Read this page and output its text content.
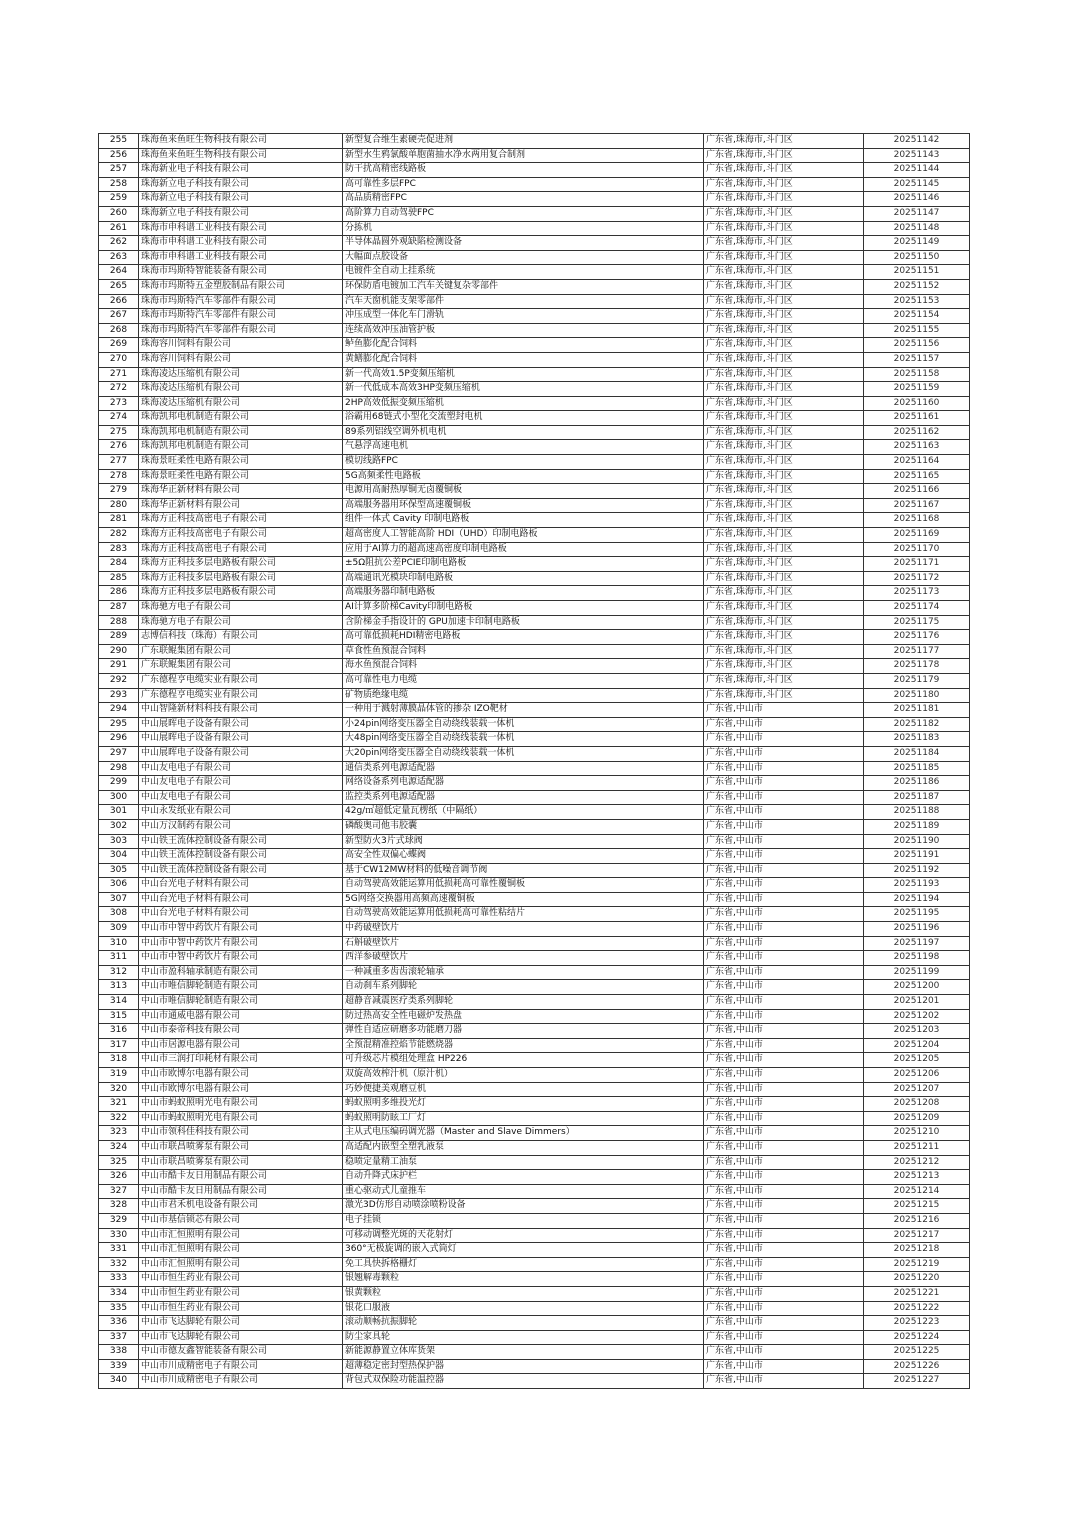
255	珠海鱼来鱼旺生物科技有限公司	新型复合维生素硬壳促进剂	广东省,珠海市,斗门区	20251142
256	珠海鱼来鱼旺生物科技有限公司	新型水生鸦氯酸单胞菌抽水净水两用复合制剂	广东省,珠海市,斗门区	20251143
257	珠海新业电子科技有限公司	防干扰高精密线路板	广东省,珠海市,斗门区	20251144
258	珠海新立电子科技有限公司	高可靠性多层FPC	广东省,珠海市,斗门区	20251145
259	珠海新立电子科技有限公司	高品质精密FPC	广东省,珠海市,斗门区	20251146
260	珠海新立电子科技有限公司	高阶算力自动驾驶FPC	广东省,珠海市,斗门区	20251147
261	珠海市申科谱工业科技有限公司	分拣机	广东省,珠海市,斗门区	20251148
262	珠海市申科谱工业科技有限公司	半导体晶圆外观缺陷检测设备	广东省,珠海市,斗门区	20251149
263	珠海市申科谱工业科技有限公司	大幅面点胶设备	广东省,珠海市,斗门区	20251150
264	珠海市玛斯特智能装备有限公司	电镀件全自动上挂系统	广东省,珠海市,斗门区	20251151
265	珠海市玛斯特五金塑胶制品有限公司	环保防盾电镀加工汽车关键复杂零部件	广东省,珠海市,斗门区	20251152
266	珠海市玛斯特汽车零部件有限公司	汽车天窗机能支架零部件	广东省,珠海市,斗门区	20251153
267	珠海市玛斯特汽车零部件有限公司	冲压成型一体化车门滑轨	广东省,珠海市,斗门区	20251154
268	珠海市玛斯特汽车零部件有限公司	连续高效冲压油管护板	广东省,珠海市,斗门区	20251155
269	珠海容川饲料有限公司	鲈鱼膨化配合饲料	广东省,珠海市,斗门区	20251156
270	珠海容川饲料有限公司	黄鳝膨化配合饲料	广东省,珠海市,斗门区	20251157
271	珠海凌达压缩机有限公司	新一代高效1.5P变频压缩机	广东省,珠海市,斗门区	20251158
272	珠海凌达压缩机有限公司	新一代低成本高效3HP变频压缩机	广东省,珠海市,斗门区	20251159
273	珠海凌达压缩机有限公司	2HP高效低振变频压缩机	广东省,珠海市,斗门区	20251160
274	珠海凯邦电机制造有限公司	浴霸用68链式小型化交流塑封电机	广东省,珠海市,斗门区	20251161
275	珠海凯邦电机制造有限公司	89系列铝线空调外机电机	广东省,珠海市,斗门区	20251162
276	珠海凯邦电机制造有限公司	气悬浮高速电机	广东省,珠海市,斗门区	20251163
277	珠海景旺柔性电路有限公司	模切线路FPC	广东省,珠海市,斗门区	20251164
278	珠海景旺柔性电路有限公司	5G高频柔性电路板	广东省,珠海市,斗门区	20251165
279	珠海华正新材料有限公司	电源用高耐热厚铜无卤覆铜板	广东省,珠海市,斗门区	20251166
280	珠海华正新材料有限公司	高端服务器用环保型高速覆铜板	广东省,珠海市,斗门区	20251167
281	珠海方正科技高密电子有限公司	组件一体式 Cavity 印制电路板	广东省,珠海市,斗门区	20251168
282	珠海方正科技高密电子有限公司	超高密度人工智能高阶 HDI（UHD）印制电路板	广东省,珠海市,斗门区	20251169
283	珠海方正科技高密电子有限公司	应用于AI算力的超高速高密度印制电路板	广东省,珠海市,斗门区	20251170
284	珠海方正科技多层电路板有限公司	±5Ω阻抗公差PCIE印制电路板	广东省,珠海市,斗门区	20251171
285	珠海方正科技多层电路板有限公司	高端通讯光模块印制电路板	广东省,珠海市,斗门区	20251172
286	珠海方正科技多层电路板有限公司	高端服务器印制电路板	广东省,珠海市,斗门区	20251173
287	珠海驰方电子有限公司	AI计算多阶梯Cavity印制电路板	广东省,珠海市,斗门区	20251174
288	珠海驰方电子有限公司	含阶梯金手指设计的 GPU加速卡印制电路板	广东省,珠海市,斗门区	20251175
289	志博信科技（珠海）有限公司	高可靠低损耗HDI精密电路板	广东省,珠海市,斗门区	20251176
290	广东联鲲集团有限公司	草食性鱼预混合饲料	广东省,珠海市,斗门区	20251177
291	广东联鲲集团有限公司	海水鱼预混合饲料	广东省,珠海市,斗门区	20251178
292	广东德程亨电缆实业有限公司	高可靠性电力电缆	广东省,珠海市,斗门区	20251179
293	广东德程亨电缆实业有限公司	矿物质绝缘电缆	广东省,珠海市,斗门区	20251180
294	中山智隆新材料科技有限公司	一种用于溅射薄膜晶体管的掺杂 IZO靶材	广东省,中山市	20251181
295	中山展晖电子设备有限公司	小24pin网络变压器全自动绕线装载一体机	广东省,中山市	20251182
296	中山展晖电子设备有限公司	大48pin网络变压器全自动绕线装载一体机	广东省,中山市	20251183
297	中山展晖电子设备有限公司	大20pin网络变压器全自动绕线装载一体机	广东省,中山市	20251184
298	中山友电电子有限公司	通信类系列电源适配器	广东省,中山市	20251185
299	中山友电电子有限公司	网络设备系列电源适配器	广东省,中山市	20251186
300	中山友电电子有限公司	监控类系列电源适配器	广东省,中山市	20251187
301	中山永发纸业有限公司	42g/㎡超低定量瓦楞纸（中隔纸）	广东省,中山市	20251188
302	中山万汉制药有限公司	磷酸奥司他韦胶囊	广东省,中山市	20251189
303	中山铁王流体控制设备有限公司	新型防火3片式球阀	广东省,中山市	20251190
304	中山铁王流体控制设备有限公司	高安全性双偏心蝶阀	广东省,中山市	20251191
305	中山铁王流体控制设备有限公司	基于CW12MW材料的低噪音调节阀	广东省,中山市	20251192
306	中山台光电子材料有限公司	自动驾驶高效能运算用低损耗高可靠性覆铜板	广东省,中山市	20251193
307	中山台光电子材料有限公司	5G网络交换器用高频高速覆铜板	广东省,中山市	20251194
308	中山台光电子材料有限公司	自动驾驶高效能运算用低损耗高可靠性粘结片	广东省,中山市	20251195
309	中山市中智中药饮片有限公司	中药破壁饮片	广东省,中山市	20251196
310	中山市中智中药饮片有限公司	石斛破壁饮片	广东省,中山市	20251197
311	中山市中智中药饮片有限公司	西洋参破壁饮片	广东省,中山市	20251198
312	中山市盈科轴承制造有限公司	一种减重多齿齿滚轮轴承	广东省,中山市	20251199
313	中山市唯信脚轮制造有限公司	自动刹车系列脚轮	广东省,中山市	20251200
314	中山市唯信脚轮制造有限公司	超静音减震医疗类系列脚轮	广东省,中山市	20251201
315	中山市通威电器有限公司	防过热高安全性电磁炉发热盘	广东省,中山市	20251202
316	中山市泰帝科技有限公司	弹性自适应研磨多功能磨刀器	广东省,中山市	20251203
317	中山市居源电器有限公司	全预混精准控焰节能燃烧器	广东省,中山市	20251204
318	中山市三润打印耗材有限公司	可升级芯片模组处理盒 HP226	广东省,中山市	20251205
319	中山市欧博尔电器有限公司	双旋高效榨汁机（原汁机）	广东省,中山市	20251206
320	中山市欧博尔电器有限公司	巧妙便捷美观磨豆机	广东省,中山市	20251207
321	中山市蚂蚁照明光电有限公司	蚂蚁照明多维投光灯	广东省,中山市	20251208
322	中山市蚂蚁照明光电有限公司	蚂蚁照明防眩工厂灯	广东省,中山市	20251209
323	中山市领科佳科技有限公司	主从式电压编码调光器（Master and Slave Dimmers）	广东省,中山市	20251210
324	中山市联昌喷雾泵有限公司	高适配内嵌型全塑乳液泵	广东省,中山市	20251211
325	中山市联昌喷雾泵有限公司	稳喷定量精工油泵	广东省,中山市	20251212
326	中山市酷卡友日用制品有限公司	自动升降式床护栏	广东省,中山市	20251213
327	中山市酷卡友日用制品有限公司	重心驱动式儿童推车	广东省,中山市	20251214
328	中山市君禾机电设备有限公司	激光3D仿形自动喷涂喷粉设备	广东省,中山市	20251215
329	中山市基信锁芯有限公司	电子挂锁	广东省,中山市	20251216
330	中山市汇恒照明有限公司	可移动调整光斑的天花射灯	广东省,中山市	20251217
331	中山市汇恒照明有限公司	360°无极旋调的嵌入式筒灯	广东省,中山市	20251218
332	中山市汇恒照明有限公司	免工具快拆格栅灯	广东省,中山市	20251219
333	中山市恒生药业有限公司	银翘解毒颗粒	广东省,中山市	20251220
334	中山市恒生药业有限公司	银黄颗粒	广东省,中山市	20251221
335	中山市恒生药业有限公司	银花口服液	广东省,中山市	20251222
336	中山市飞达脚轮有限公司	滚动顺畅抗振脚轮	广东省,中山市	20251223
337	中山市飞达脚轮有限公司	防尘家具轮	广东省,中山市	20251224
338	中山市德友鑫智能装备有限公司	新能源静置立体库货架	广东省,中山市	20251225
339	中山市川成精密电子有限公司	超薄稳定密封型热保护器	广东省,中山市	20251226
340	中山市川成精密电子有限公司	背包式双保险功能温控器	广东省,中山市	20251227
